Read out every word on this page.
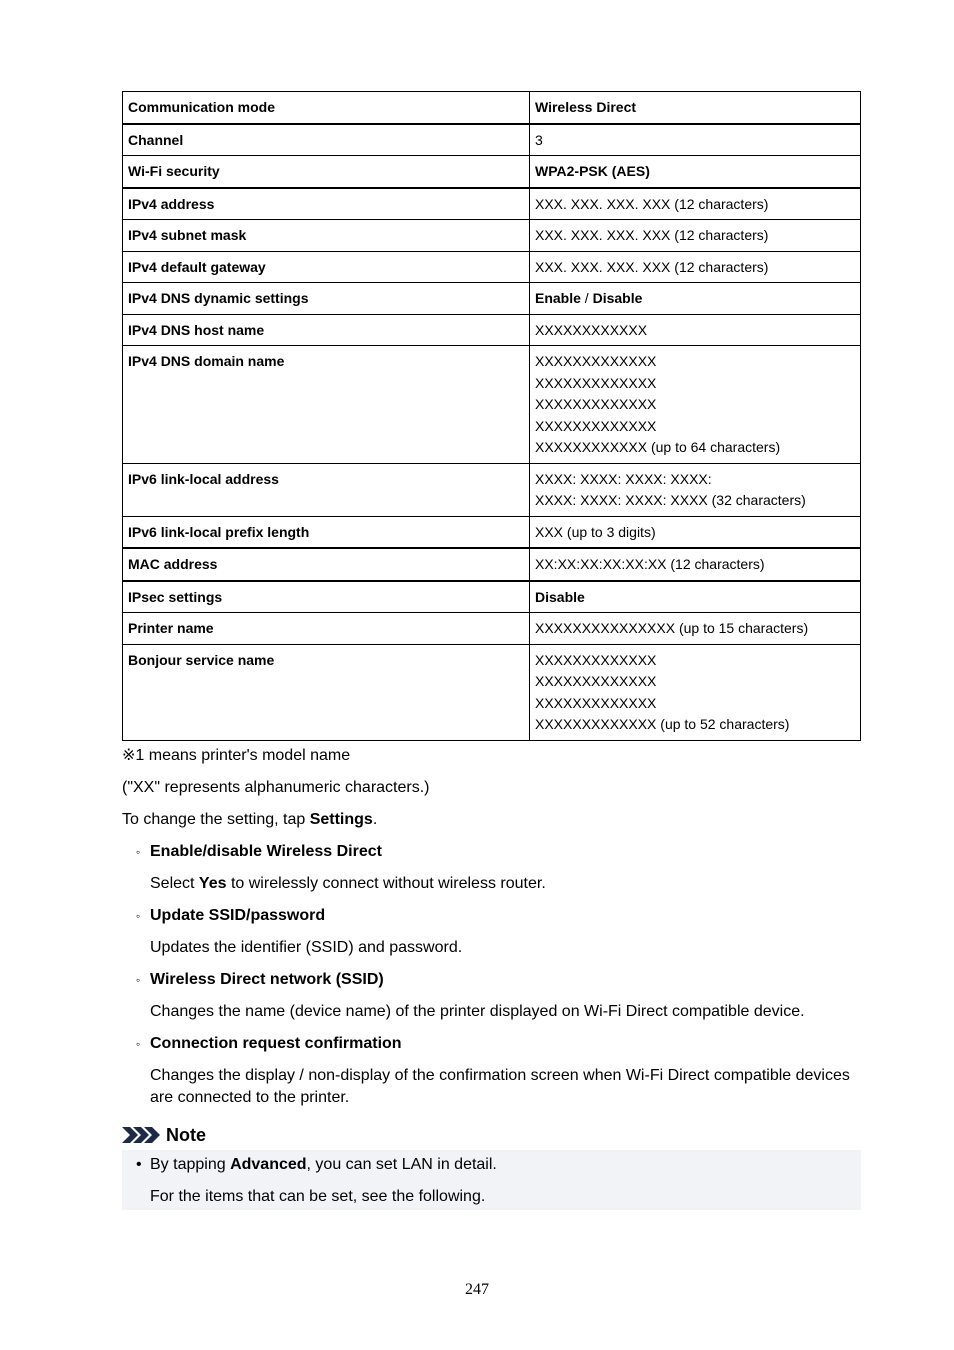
Communication mode	Wireless Direct

Channel	3

Wi-Fi security	WPA2-PSK (AES)

IPv4 address	XXX. XXX. XXX. XXX (12 characters)

IPv4 subnet mask	XXX. XXX. XXX. XXX (12 characters)

IPv4 default gateway	XXX. XXX. XXX. XXX (12 characters)

IPv4 DNS dynamic settings	Enable / Disable
IPv4 DNS host name	XXXXXXXXXXXX

IPv4 DNS domain name	XXXXXXXXXXXXX
XXXXXXXXXXXXX
XXXXXXXXXXXXX
XXXXXXXXXXXXX
XXXXXXXXXXXX (up to 64 characters)

IPv6 link-local address	XXXX: XXXX: XXXX: XXXX:
XXXX: XXXX: XXXX: XXXX (32 characters)

IPv6 link-local prefix length	XXX (up to 3 digits)

MAC address	XX:XX:XX:XX:XX:XX (12 characters)

IPsec settings	Disable

Printer name	XXXXXXXXXXXXXXX (up to 15 characters)

Bonjour service name	XXXXXXXXXXXXX
XXXXXXXXXXXXX
XXXXXXXXXXXXX
XXXXXXXXXXXXX (up to 52 characters)
※1 means printer's model name
("XX" represents alphanumeric characters.)
To change the setting, tap Settings.
◦ Enable/disable Wireless Direct
Select Yes to wirelessly connect without wireless router.
◦ Update SSID/password
Updates the identifier (SSID) and password.
◦ Wireless Direct network (SSID)
Changes the name (device name) of the printer displayed on Wi-Fi Direct compatible device.
◦ Connection request confirmation
Changes the display / non-display of the confirmation screen when Wi-Fi Direct compatible devices are connected to the printer.
Note
• By tapping Advanced, you can set LAN in detail.
For the items that can be set, see the following.
247
